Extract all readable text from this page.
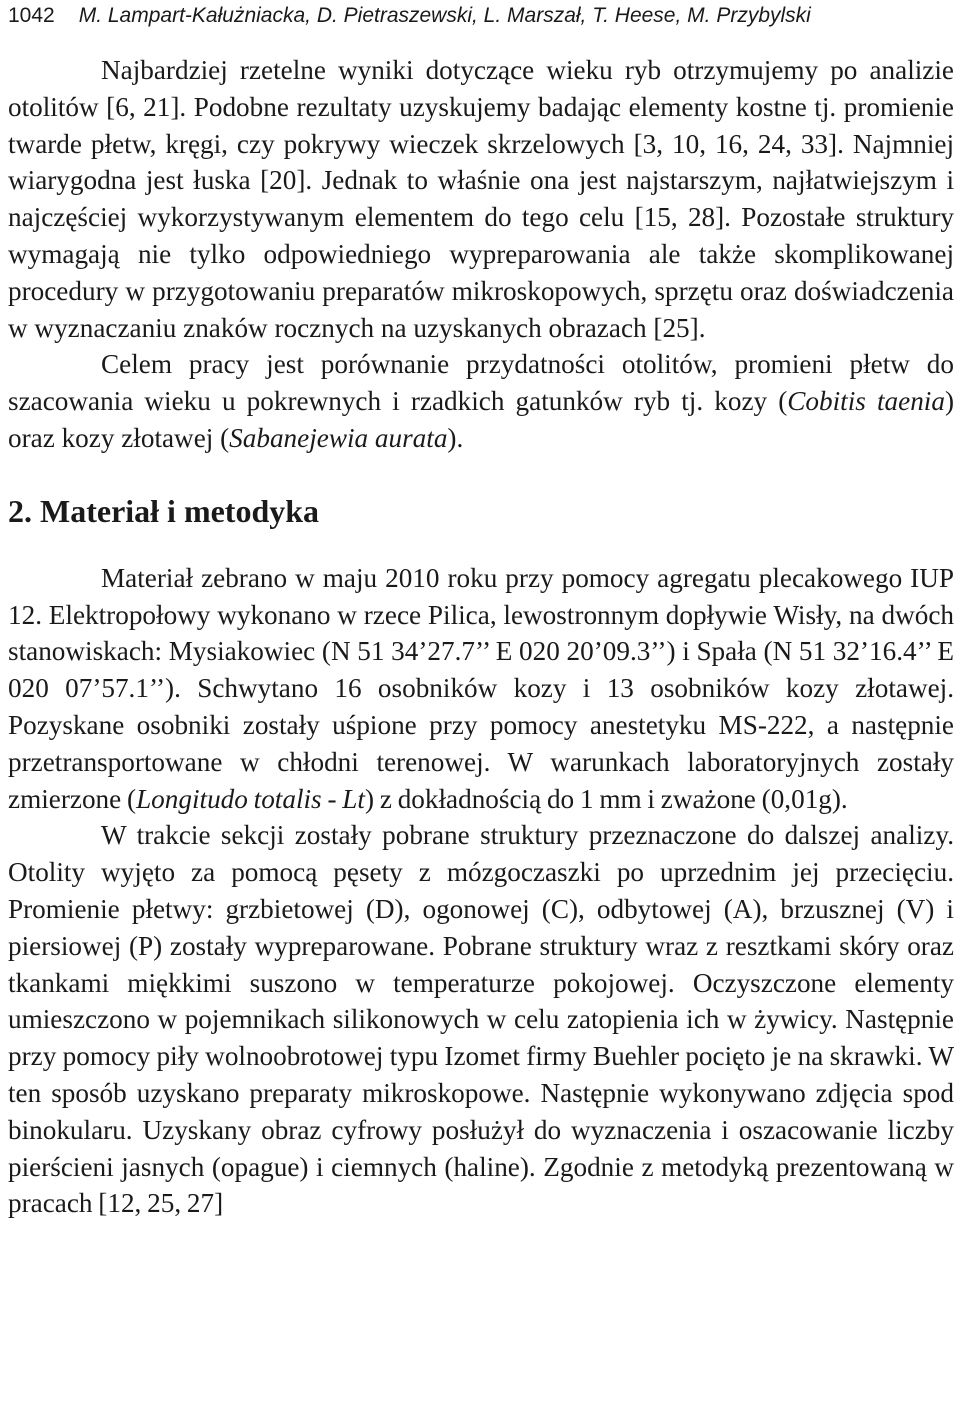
1042 M. Lampart-Kałużniacka, D. Pietraszewski, L. Marszał, T. Heese, M. Przybylski

Najbardziej rzetelne wyniki dotyczące wieku ryb otrzymujemy po analizie otolitów [6, 21]. Podobne rezultaty uzyskujemy badając elementy kostne tj. promienie twarde płetw, kręgi, czy pokrywy wieczek skrzelowych [3, 10, 16, 24, 33]. Najmniej wiarygodna jest łuska [20]. Jednak to właśnie ona jest najstarszym, najłatwiejszym i najczęściej wykorzystywanym elementem do tego celu [15, 28]. Pozostałe struktury wymagają nie tylko odpowiedniego wypreparowania ale także skomplikowanej procedury w przygotowaniu preparatów mikroskopowych, sprzętu oraz doświadczenia w wyznaczaniu znaków rocznych na uzyskanych obrazach [25].

Celem pracy jest porównanie przydatności otolitów, promieni płetw do szacowania wieku u pokrewnych i rzadkich gatunków ryb tj. kozy (Cobitis taenia) oraz kozy złotawej (Sabanejewia aurata).

2. Materiał i metodyka

Materiał zebrano w maju 2010 roku przy pomocy agregatu plecakowego IUP 12. Elektropołowy wykonano w rzece Pilica, lewostronnym dopływie Wisły, na dwóch stanowiskach: Mysiakowiec (N 51 34’27.7’’ E 020 20’09.3’’) i Spała (N 51 32’16.4’’ E 020 07’57.1’’). Schwytano 16 osobników kozy i 13 osobników kozy złotawej. Pozyskane osobniki zostały uśpione przy pomocy anestetyku MS-222, a następnie przetransportowane w chłodni terenowej. W warunkach laboratoryjnych zostały zmierzone (Longitudo totalis - Lt) z dokładnością do 1 mm i zważone (0,01g).

W trakcie sekcji zostały pobrane struktury przeznaczone do dalszej analizy. Otolity wyjęto za pomocą pęsety z mózgoczaszki po uprzednim jej przecięciu. Promienie płetwy: grzbietowej (D), ogonowej (C), odbytowej (A), brzusznej (V) i piersiowej (P) zostały wypreparowane. Pobrane struktury wraz z resztkami skóry oraz tkankami miękkimi suszono w temperaturze pokojowej. Oczyszczone elementy umieszczono w pojemnikach silikonowych w celu zatopienia ich w żywicy. Następnie przy pomocy piły wolnoobrotowej typu Izomet firmy Buehler pocięto je na skrawki. W ten sposób uzyskano preparaty mikroskopowe. Następnie wykonywano zdjęcia spod binokularu. Uzyskany obraz cyfrowy posłużył do wyznaczenia i oszacowanie liczby pierścieni jasnych (opague) i ciemnych (haline). Zgodnie z metodyką prezentowaną w pracach [12, 25, 27]
